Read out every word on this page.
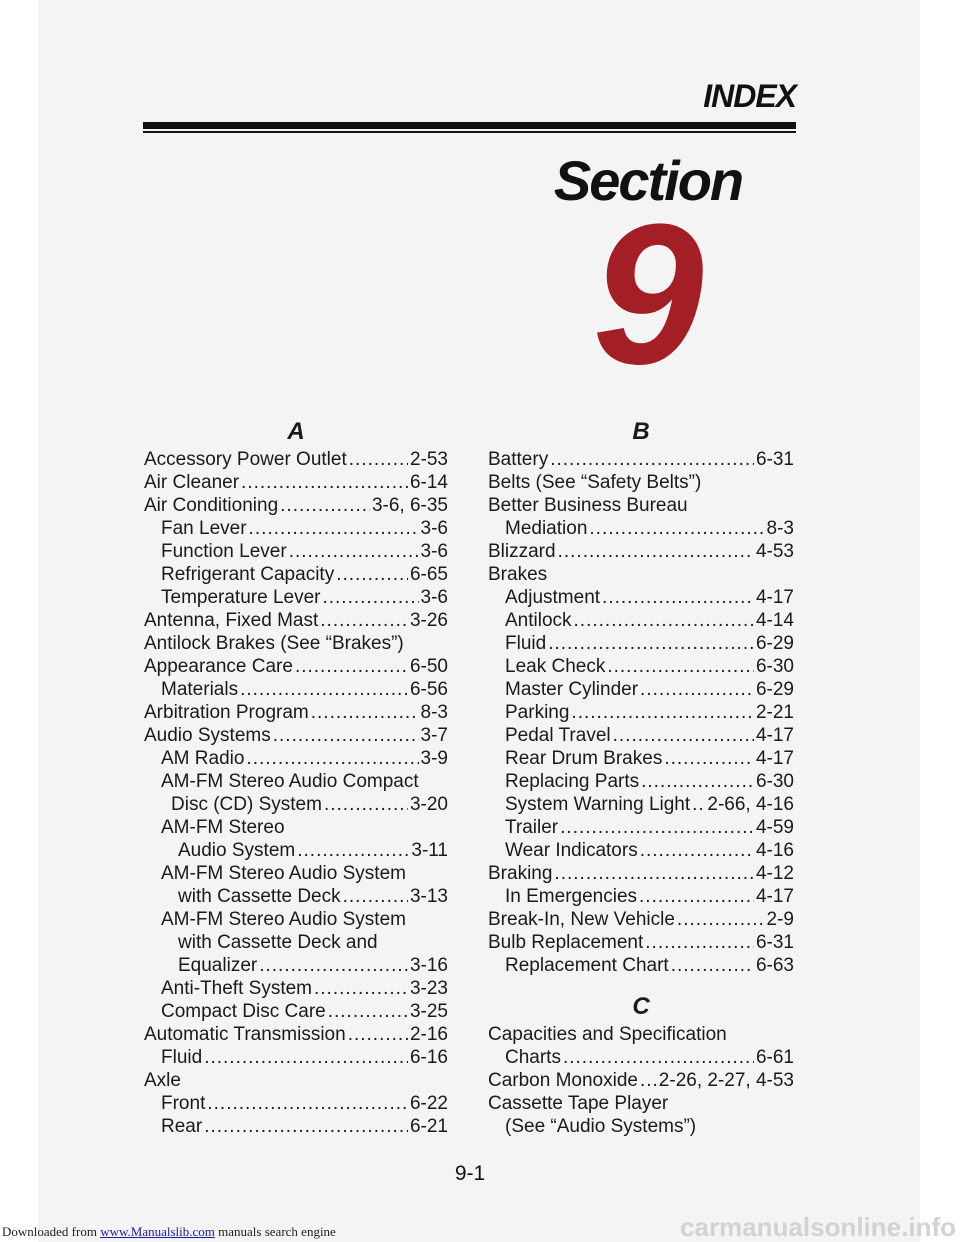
Downloaded from www.Manualslib.com manuals search engine	carmanualsonline.info
INDEX
Section
9
A
Accessory Power Outlet .....	2-53
Air Cleaner .....	6-14
Air Conditioning .....	3-6, 6-35
Fan Lever .....	3-6
Function Lever .....	3-6
Refrigerant Capacity .....	6-65
Temperature Lever .....	3-6
Antenna, Fixed Mast .....	3-26
Antilock Brakes (See “Brakes”)
Appearance Care .....	6-50
Materials .....	6-56
Arbitration Program .....	8-3
Audio Systems .....	3-7
AM Radio .....	3-9
AM-FM Stereo Audio Compact
Disc (CD) System .....	3-20
AM-FM Stereo
Audio System .....	3-11
AM-FM Stereo Audio System
with Cassette Deck .....	3-13
AM-FM Stereo Audio System
with Cassette Deck and
Equalizer .....	3-16
Anti-Theft System .....	3-23
Compact Disc Care .....	3-25
Automatic Transmission .....	2-16
Fluid .....	6-16
Axle
Front .....	6-22
Rear .....	6-21
B
Battery .....	6-31
Belts (See “Safety Belts”)
Better Business Bureau
Mediation .....	8-3
Blizzard .....	4-53
Brakes
Adjustment .....	4-17
Antilock .....	4-14
Fluid .....	6-29
Leak Check .....	6-30
Master Cylinder .....	6-29
Parking .....	2-21
Pedal Travel .....	4-17
Rear Drum Brakes .....	4-17
Replacing Parts .....	6-30
System Warning Light ..... 2-66, 4-16
Trailer .....	4-59
Wear Indicators .....	4-16
Braking .....	4-12
In Emergencies .....	4-17
Break-In, New Vehicle .....	2-9
Bulb Replacement .....	6-31
Replacement Chart .....	6-63
C
Capacities and Specification
Charts .....	6-61
Carbon Monoxide ..... 2-26, 2-27, 4-53
Cassette Tape Player
(See “Audio Systems”)
9-1
